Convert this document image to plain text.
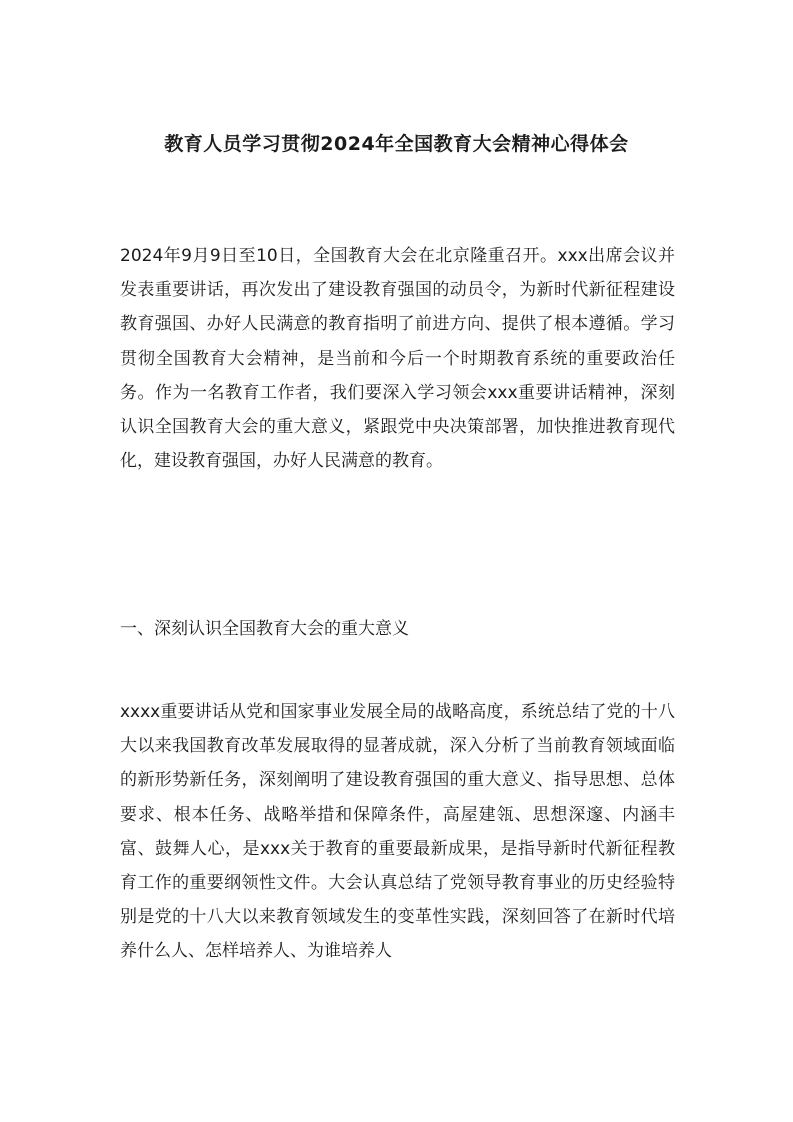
教育人员学习贯彻2024年全国教育大会精神心得体会

2024年9月9日至10日，全国教育大会在北京隆重召开。xxx出席会议并发表重要讲话，再次发出了建设教育强国的动员令，为新时代新征程建设教育强国、办好人民满意的教育指明了前进方向、提供了根本遵循。学习贯彻全国教育大会精神，是当前和今后一个时期教育系统的重要政治任务。作为一名教育工作者，我们要深入学习领会xxx重要讲话精神，深刻认识全国教育大会的重大意义，紧跟党中央决策部署，加快推进教育现代化，建设教育强国，办好人民满意的教育。

一、深刻认识全国教育大会的重大意义

xxxx重要讲话从党和国家事业发展全局的战略高度，系统总结了党的十八大以来我国教育改革发展取得的显著成就，深入分析了当前教育领域面临的新形势新任务，深刻阐明了建设教育强国的重大意义、指导思想、总体要求、根本任务、战略举措和保障条件，高屋建瓴、思想深邃、内涵丰富、鼓舞人心，是xxx关于教育的重要最新成果，是指导新时代新征程教育工作的重要纲领性文件。大会认真总结了党领导教育事业的历史经验特别是党的十八大以来教育领域发生的变革性实践，深刻回答了在新时代培养什么人、怎样培养人、为谁培养人
